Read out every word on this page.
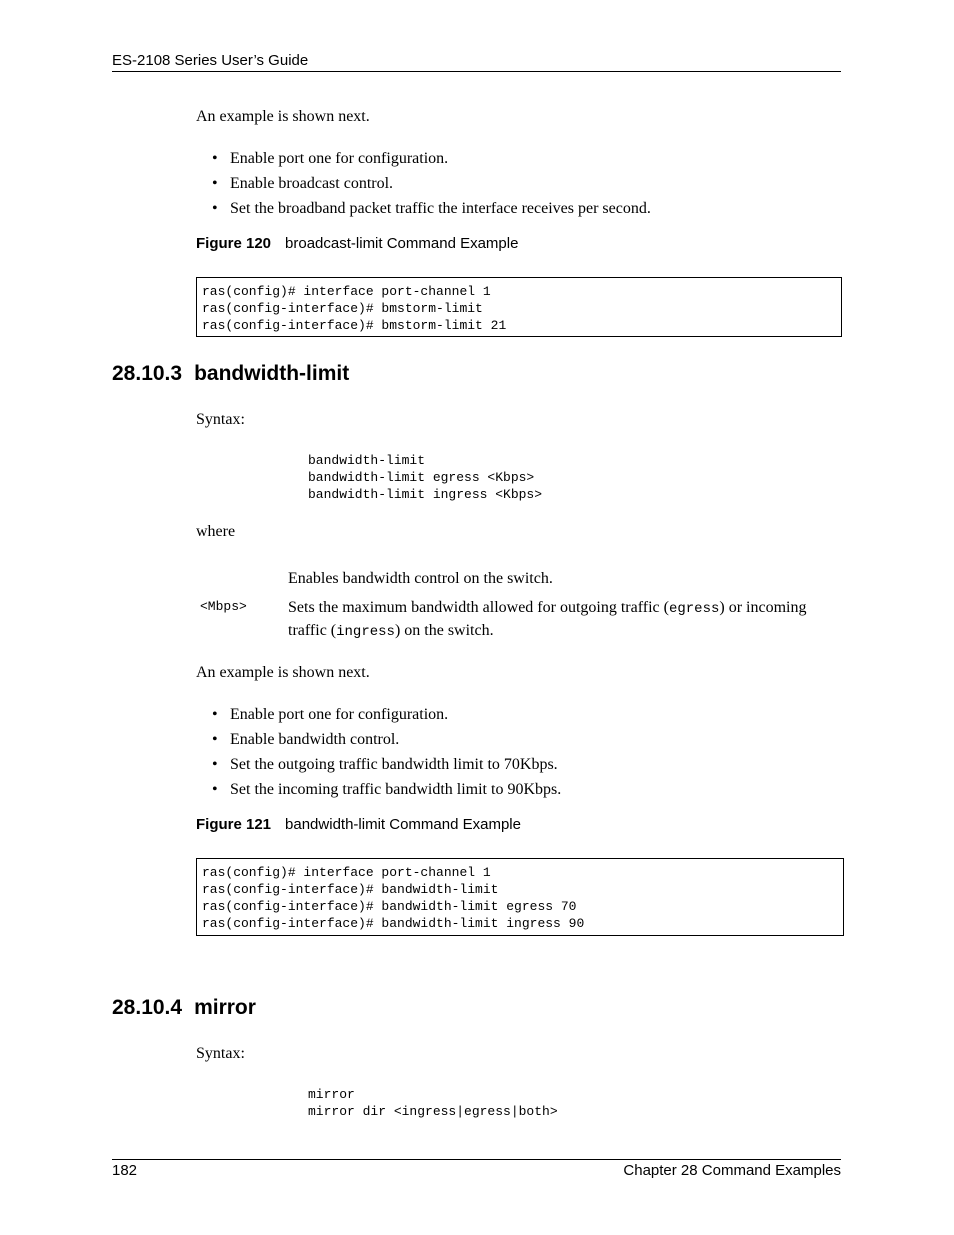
ES-2108 Series User’s Guide
An example is shown next.
• Enable port one for configuration.
• Enable broadcast control.
• Set the broadband packet traffic the interface receives per second.
Figure 120 broadcast-limit Command Example
ras(config)# interface port-channel 1
ras(config-interface)# bmstorm-limit
ras(config-interface)# bmstorm-limit 21
28.10.3 bandwidth-limit
Syntax:
bandwidth-limit
bandwidth-limit egress <Kbps>
bandwidth-limit ingress <Kbps>
where
Enables bandwidth control on the switch.
<Mbps>	Sets the maximum bandwidth allowed for outgoing traffic (egress) or incoming traffic (ingress) on the switch.
An example is shown next.
• Enable port one for configuration.
• Enable bandwidth control.
• Set the outgoing traffic bandwidth limit to 70Kbps.
• Set the incoming traffic bandwidth limit to 90Kbps.
Figure 121 bandwidth-limit Command Example
ras(config)# interface port-channel 1
ras(config-interface)# bandwidth-limit
ras(config-interface)# bandwidth-limit egress 70
ras(config-interface)# bandwidth-limit ingress 90
28.10.4 mirror
Syntax:
mirror
mirror dir <ingress|egress|both>
182	Chapter 28 Command Examples
